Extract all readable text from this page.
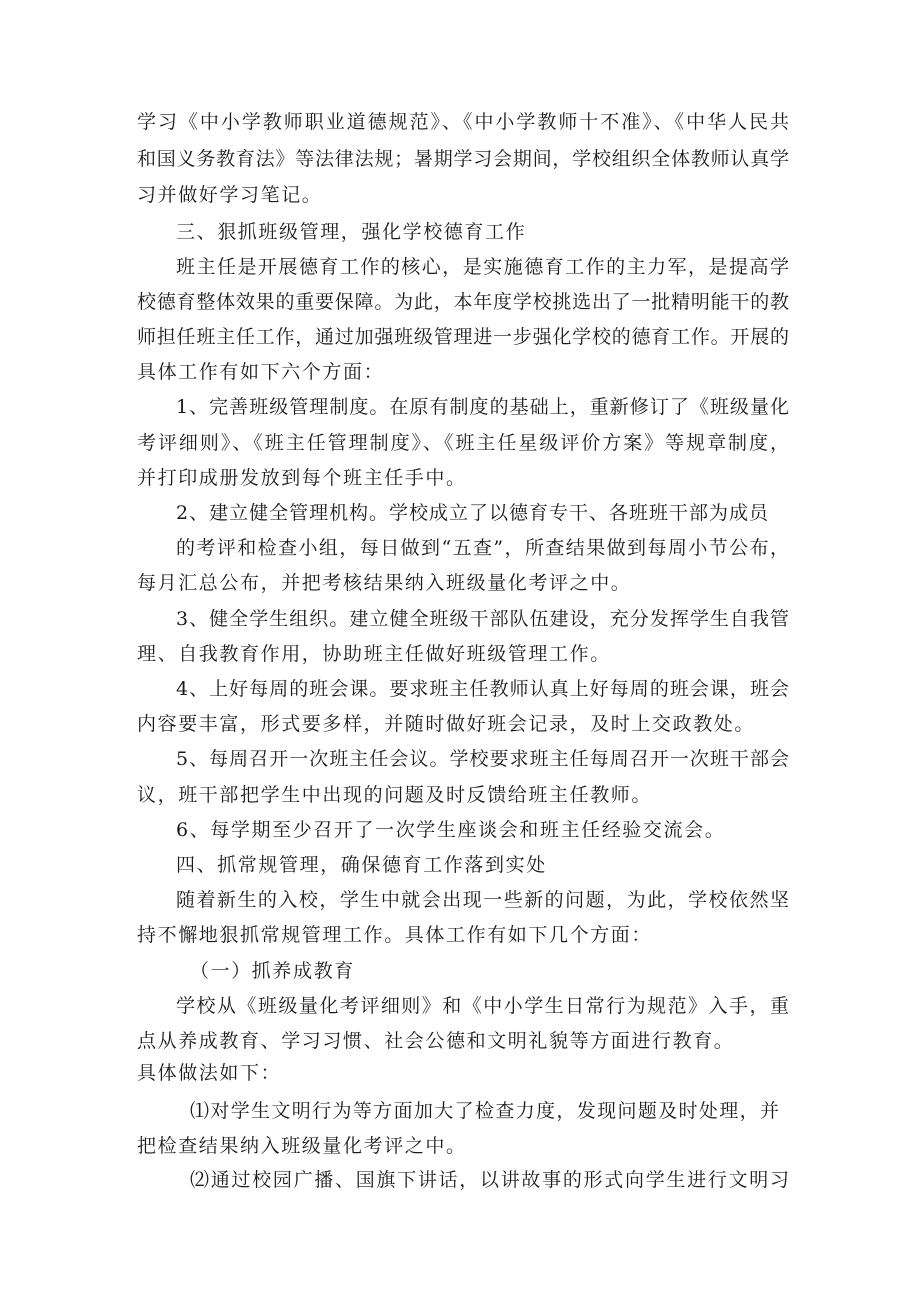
学习《中小学教师职业道德规范》、《中小学教师十不准》、《中华人民共

和国义务教育法》等法律法规；暑期学习会期间，学校组织全体教师认真学

习并做好学习笔记。

三、狠抓班级管理，强化学校德育工作

班主任是开展德育工作的核心，是实施德育工作的主力军，是提高学

校德育整体效果的重要保障。为此，本年度学校挑选出了一批精明能干的教

师担任班主任工作，通过加强班级管理进一步强化学校的德育工作。开展的

具体工作有如下六个方面：

1、完善班级管理制度。在原有制度的基础上，重新修订了《班级量化

考评细则》、《班主任管理制度》、《班主任星级评价方案》等规章制度，

并打印成册发放到每个班主任手中。

2、建立健全管理机构。学校成立了以德育专干、各班班干部为成员

的考评和检查小组，每日做到“五查”，所查结果做到每周小节公布，

每月汇总公布，并把考核结果纳入班级量化考评之中。

3、健全学生组织。建立健全班级干部队伍建设，充分发挥学生自我管

理、自我教育作用，协助班主任做好班级管理工作。

4、上好每周的班会课。要求班主任教师认真上好每周的班会课，班会

内容要丰富，形式要多样，并随时做好班会记录，及时上交政教处。

5、每周召开一次班主任会议。学校要求班主任每周召开一次班干部会

议，班干部把学生中出现的问题及时反馈给班主任教师。

6、每学期至少召开了一次学生座谈会和班主任经验交流会。

四、抓常规管理，确保德育工作落到实处

随着新生的入校，学生中就会出现一些新的问题，为此，学校依然坚

持不懈地狠抓常规管理工作。具体工作有如下几个方面：

（一）抓养成教育

学校从《班级量化考评细则》和《中小学生日常行为规范》入手，重

点从养成教育、学习习惯、社会公德和文明礼貌等方面进行教育。

具体做法如下：

⑴对学生文明行为等方面加大了检查力度，发现问题及时处理，并

把检查结果纳入班级量化考评之中。

⑵通过校园广播、国旗下讲话，以讲故事的形式向学生进行文明习
